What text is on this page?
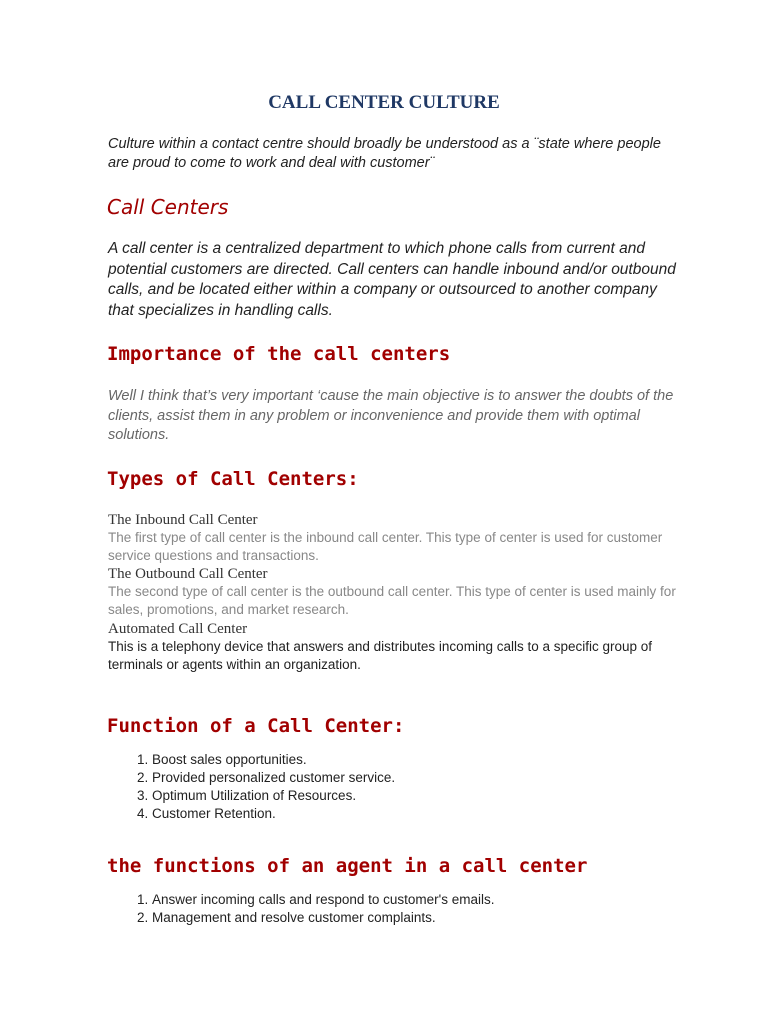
CALL CENTER CULTURE

Culture within a contact centre should broadly be understood as a ¨state where people are proud to come to work and deal with customer¨

Call Centers

A call center is a centralized department to which phone calls from current and potential customers are directed. Call centers can handle inbound and/or outbound calls, and be located either within a company or outsourced to another company that specializes in handling calls.

Importance of the call centers

Well I think that’s very important ‘cause the main objective is to answer the doubts of the clients, assist them in any problem or inconvenience and provide them with optimal solutions.

Types of Call Centers:

The Inbound Call Center

The first type of call center is the inbound call center. This type of center is used for customer service questions and transactions.

The Outbound Call Center

The second type of call center is the outbound call center. This type of center is used mainly for sales, promotions, and market research.

Automated Call Center

This is a telephony device that answers and distributes incoming calls to a specific group of terminals or agents within an organization.

Function of a Call Center:
1. Boost sales opportunities.
2. Provided personalized customer service.
3. Optimum Utilization of Resources.
4. Customer Retention.
the functions of an agent in a call center
1. Answer incoming calls and respond to customer's emails.
2. Management and resolve customer complaints.
